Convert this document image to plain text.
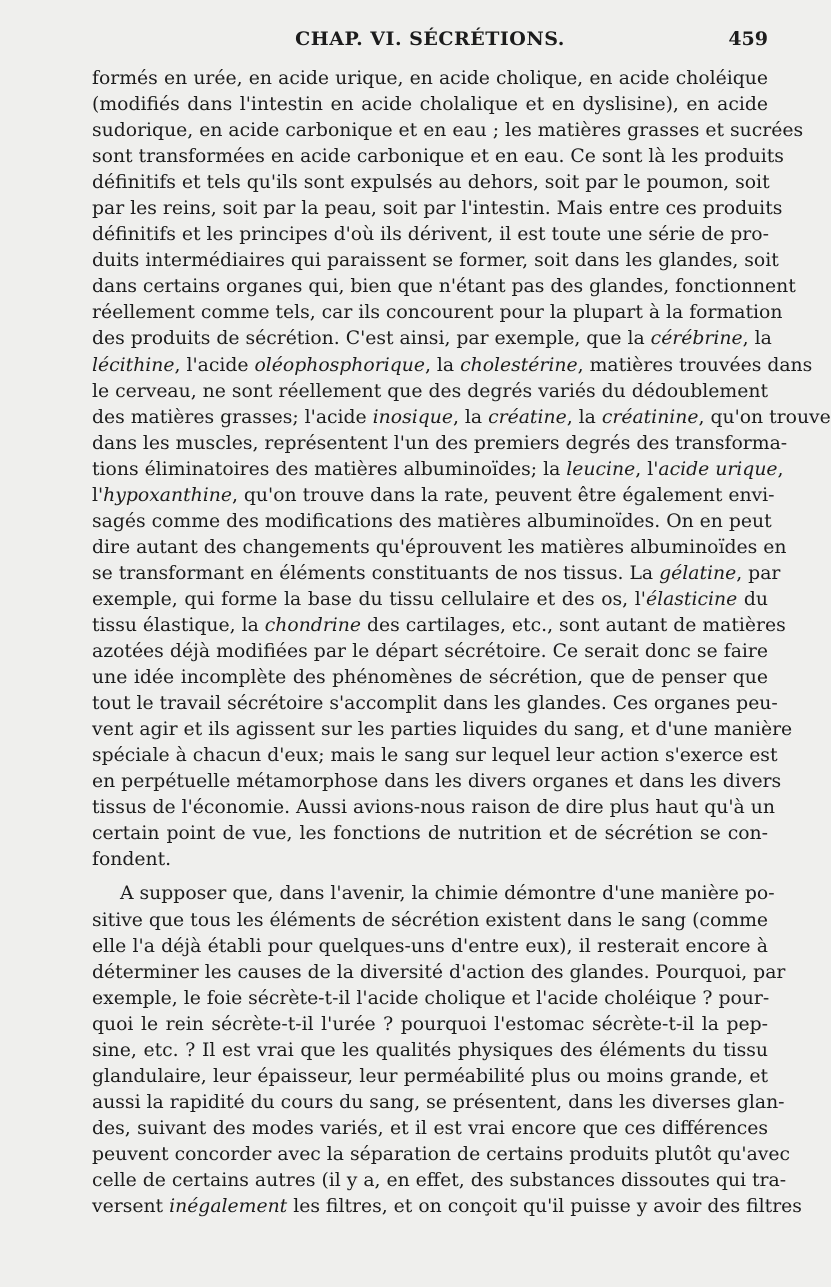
CHAP. VI. SÉCRÉTIONS.	459
formés en urée, en acide urique, en acide cholique, en acide choléique
(modifiés dans l'intestin en acide cholalique et en dyslisine), en acide
sudorique, en acide carbonique et en eau ; les matières grasses et sucrées
sont transformées en acide carbonique et en eau. Ce sont là les produits
définitifs et tels qu'ils sont expulsés au dehors, soit par le poumon, soit
par les reins, soit par la peau, soit par l'intestin. Mais entre ces produits
définitifs et les principes d'où ils dérivent, il est toute une série de pro-
duits intermédiaires qui paraissent se former, soit dans les glandes, soit
dans certains organes qui, bien que n'étant pas des glandes, fonctionnent
réellement comme tels, car ils concourent pour la plupart à la formation
des produits de sécrétion. C'est ainsi, par exemple, que la cérébrine, la
lécithine, l'acide oléophosphorique, la cholestérine, matières trouvées dans
le cerveau, ne sont réellement que des degrés variés du dédoublement
des matières grasses; l'acide inosique, la créatine, la créatinine, qu'on trouve
dans les muscles, représentent l'un des premiers degrés des transforma-
tions éliminatoires des matières albuminoïdes; la leucine, l'acide urique,
l'hypoxanthine, qu'on trouve dans la rate, peuvent être également envi-
sagés comme des modifications des matières albuminoïdes. On en peut
dire autant des changements qu'éprouvent les matières albuminoïdes en
se transformant en éléments constituants de nos tissus. La gélatine, par
exemple, qui forme la base du tissu cellulaire et des os, l'élasticine du
tissu élastique, la chondrine des cartilages, etc., sont autant de matières
azotées déjà modifiées par le départ sécrétoire. Ce serait donc se faire
une idée incomplète des phénomènes de sécrétion, que de penser que
tout le travail sécrétoire s'accomplit dans les glandes. Ces organes peu-
vent agir et ils agissent sur les parties liquides du sang, et d'une manière
spéciale à chacun d'eux; mais le sang sur lequel leur action s'exerce est
en perpétuelle métamorphose dans les divers organes et dans les divers
tissus de l'économie. Aussi avions-nous raison de dire plus haut qu'à un
certain point de vue, les fonctions de nutrition et de sécrétion se con-
fondent.
A supposer que, dans l'avenir, la chimie démontre d'une manière po-
sitive que tous les éléments de sécrétion existent dans le sang (comme
elle l'a déjà établi pour quelques-uns d'entre eux), il resterait encore à
déterminer les causes de la diversité d'action des glandes. Pourquoi, par
exemple, le foie sécrète-t-il l'acide cholique et l'acide choléique ? pour-
quoi le rein sécrète-t-il l'urée ? pourquoi l'estomac sécrète-t-il la pep-
sine, etc. ? Il est vrai que les qualités physiques des éléments du tissu
glandulaire, leur épaisseur, leur perméabilité plus ou moins grande, et
aussi la rapidité du cours du sang, se présentent, dans les diverses glan-
des, suivant des modes variés, et il est vrai encore que ces différences
peuvent concorder avec la séparation de certains produits plutôt qu'avec
celle de certains autres (il y a, en effet, des substances dissoutes qui tra-
versent inégalement les filtres, et on conçoit qu'il puisse y avoir des filtres
